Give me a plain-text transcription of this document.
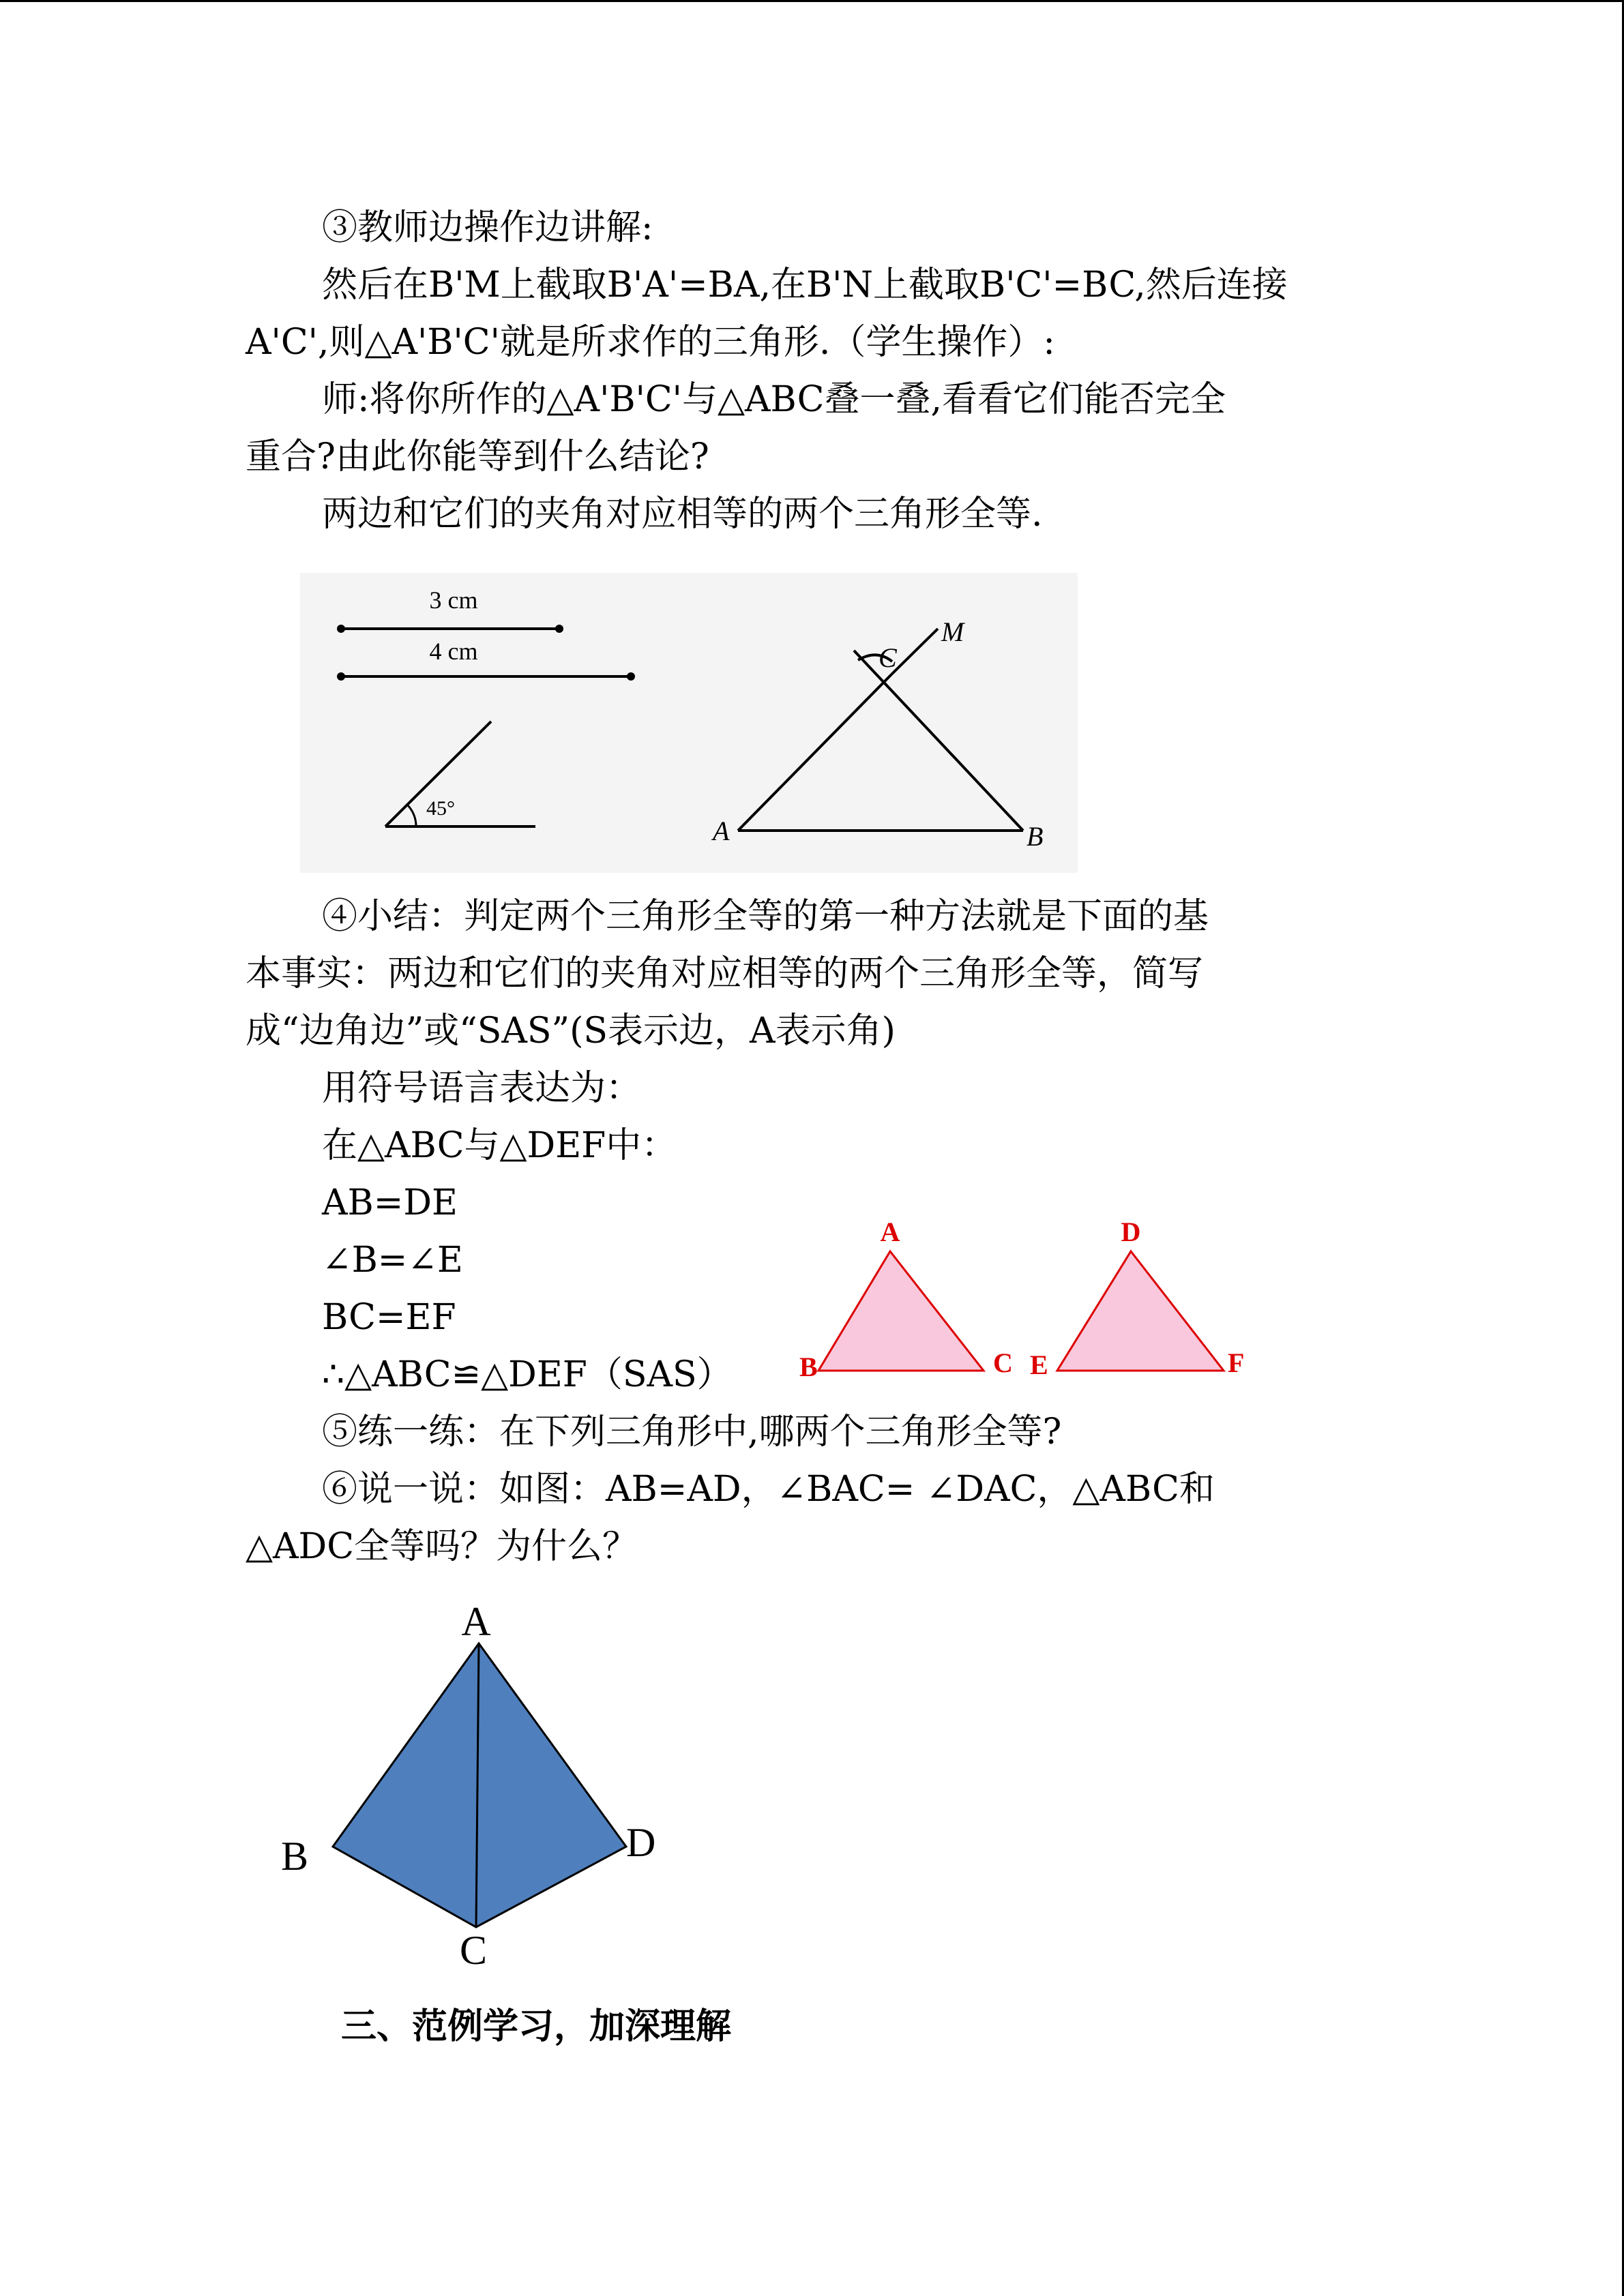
③教师边操作边讲解:
然后在B'M上截取B'A'=BA,在B'N上截取B'C'=BC,然后连接
A'C',则△A'B'C'就是所求作的三角形.（学生操作）:
师:将你所作的△A'B'C'与△ABC叠一叠,看看它们能否完全
重合?由此你能等到什么结论?
两边和它们的夹角对应相等的两个三角形全等.
3 cm
4 cm
45°
A	B
C
M
④小结：判定两个三角形全等的第一种方法就是下面的基
本事实：两边和它们的夹角对应相等的两个三角形全等，简写
成“边角边”或“SAS”(S表示边，A表示角)
用符号语言表达为：
在△ABC与△DEF中：
AB=DE
∠B=∠E
BC=EF
∴△ABC≌△DEF（SAS）
A
B	C
D
E	F
⑤练一练：在下列三角形中,哪两个三角形全等?
⑥说一说：如图：AB=AD，∠BAC= ∠DAC，△ABC和
△ADC全等吗？为什么？
A
B
C
D
三、范例学习，加深理解
